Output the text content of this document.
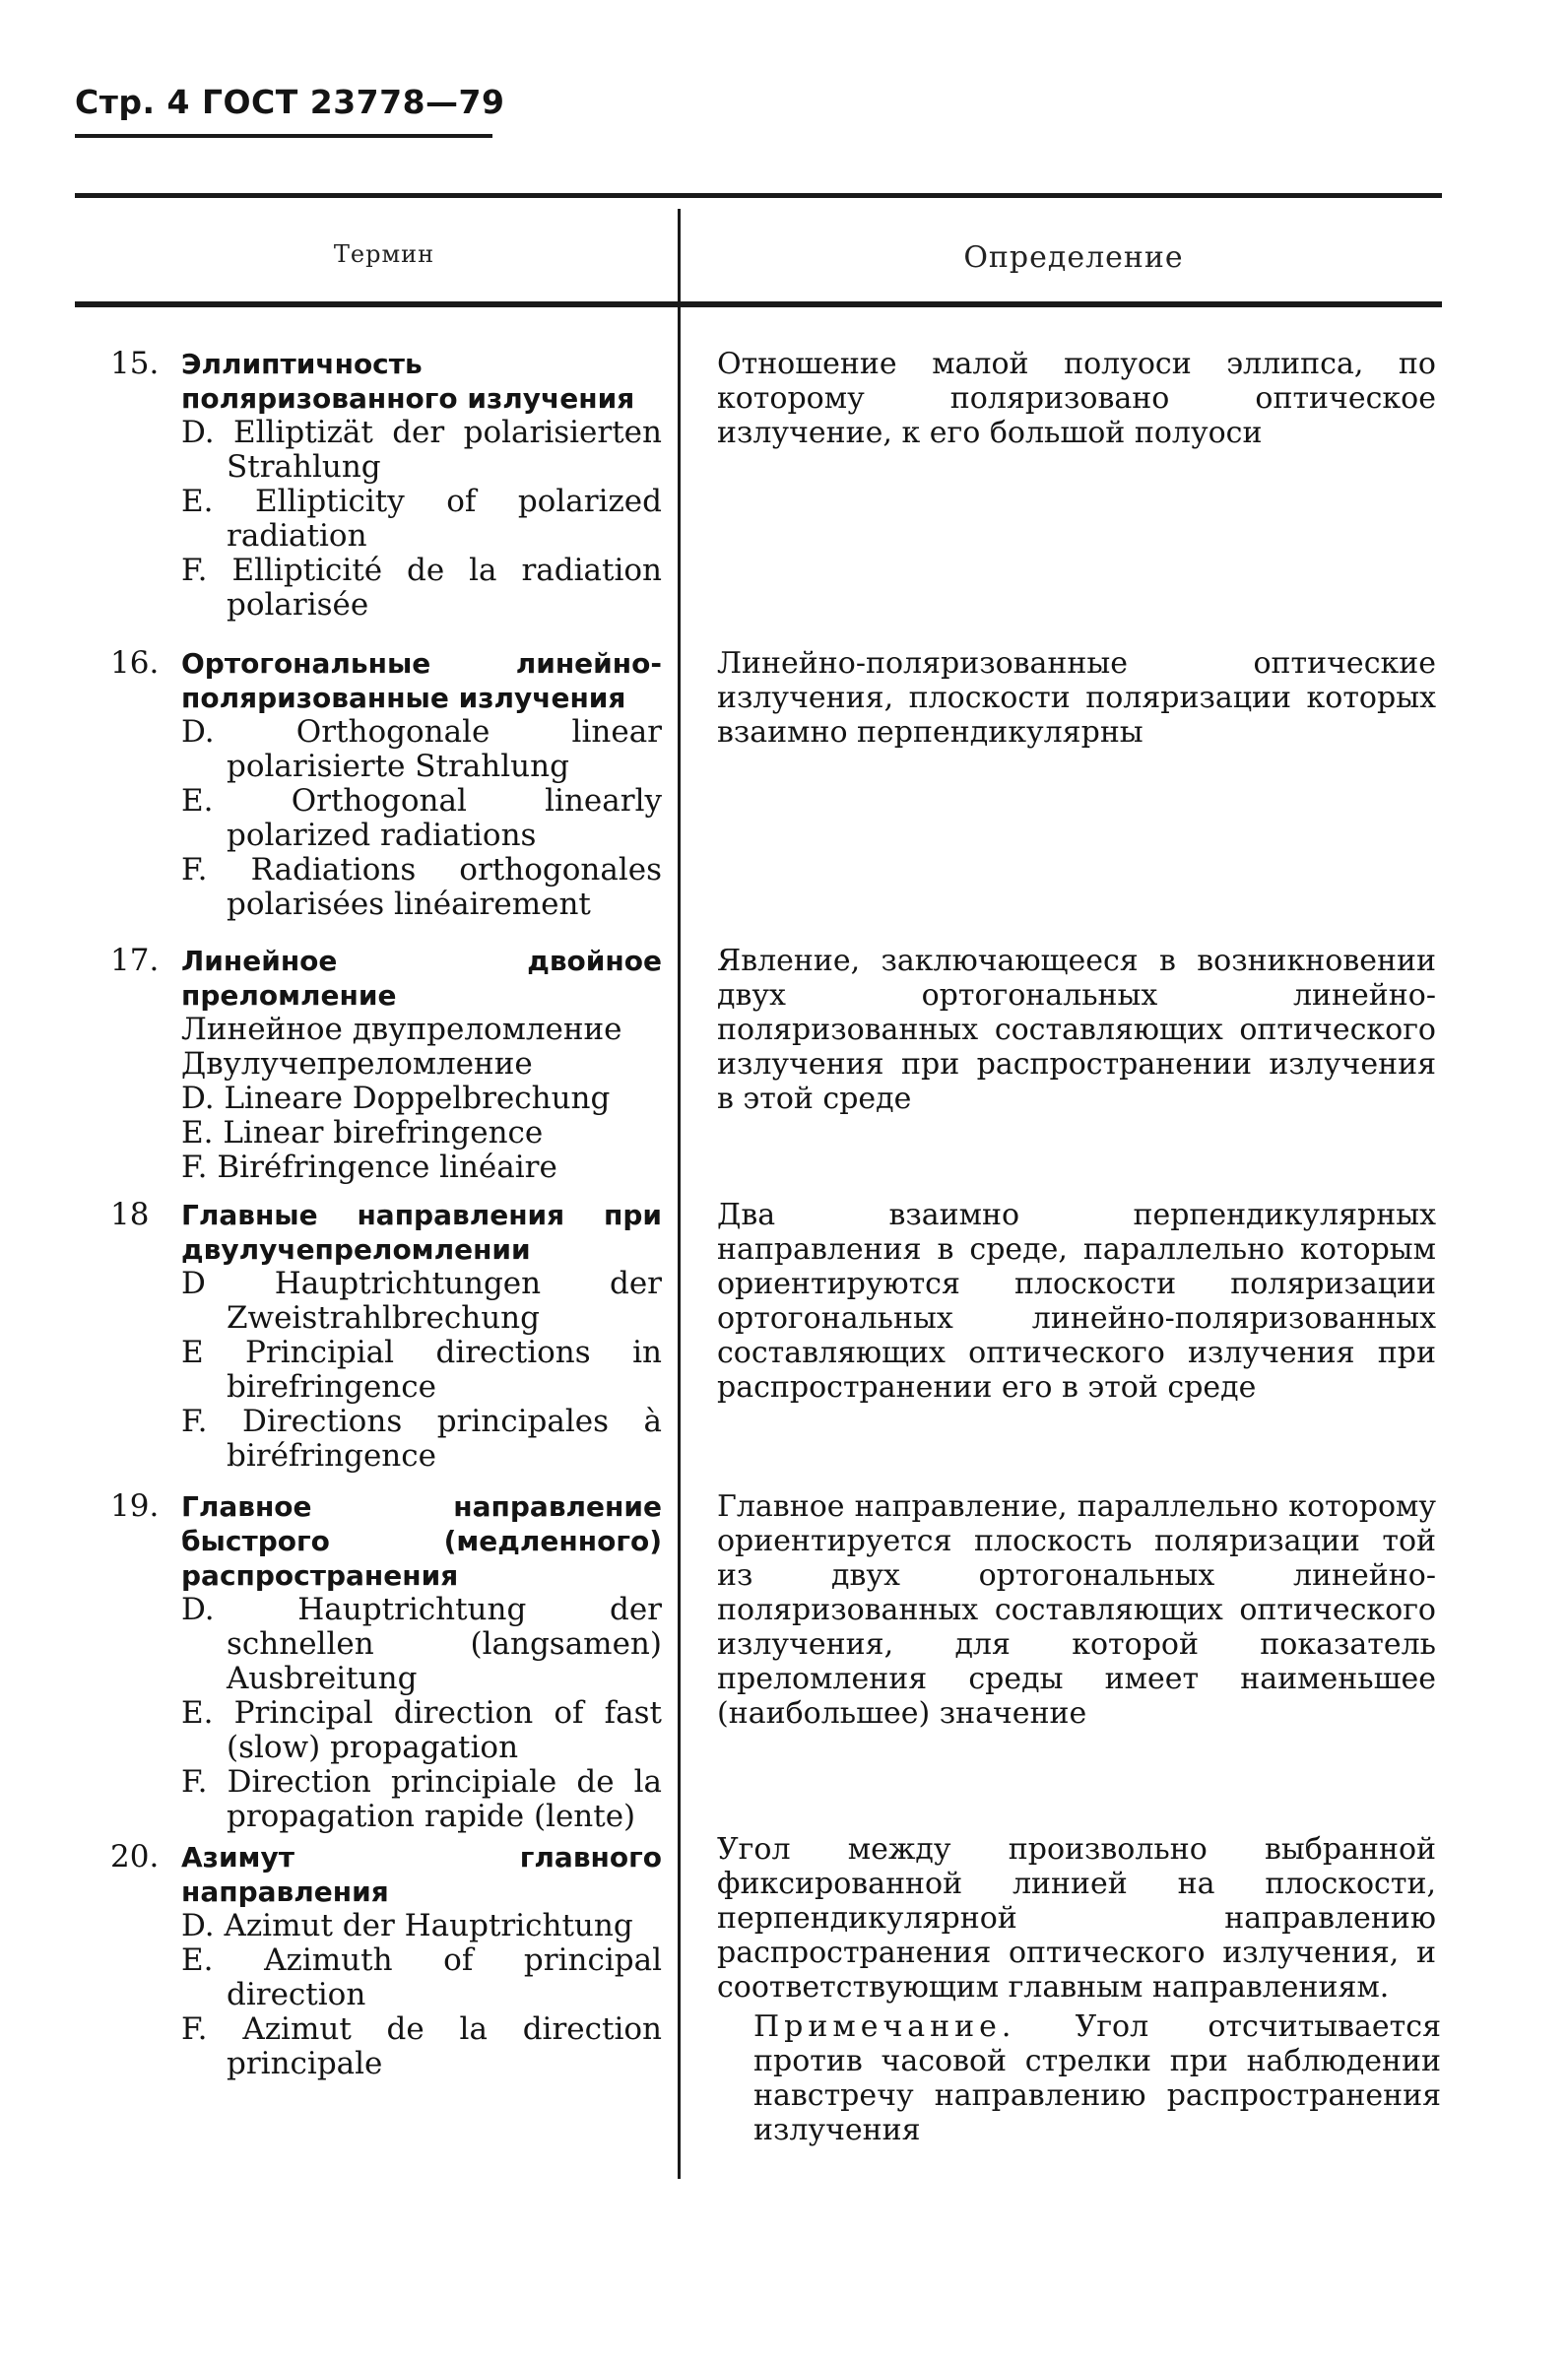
Стр. 4 ГОСТ 23778—79
Термин	Определение
15. Эллиптичность поляризованного излучения
D. Elliptizät der polarisierten Strahlung
E. Ellipticity of polarized radiation
F. Ellipticité de la radiation polarisée
Отношение малой полуоси эллипса, по которому поляризовано оптическое излучение, к его большой полуоси
16. Ортогональные линейно-поляризованные излучения
D. Orthogonale linear polarisierte Strahlung
E. Orthogonal linearly polarized radiations
F. Radiations orthogonales polarisées linéairement
Линейно-поляризованные оптические излучения, плоскости поляризации которых взаимно перпендикулярны
17. Линейное двойное преломление
Линейное двупреломление
Двулучепреломление
D. Lineare Doppelbrechung
E. Linear birefringence
F. Biréfringence linéaire
Явление, заключающееся в возникновении двух ортогональных линейно-поляризованных составляющих оптического излучения при распространении излучения в этой среде
18 Главные направления при двулучепреломлении
D Hauptrichtungen der Zweistrahlbrechung
E Principial directions in birefringence
F. Directions principales à biréfringence
Два взаимно перпендикулярных направления в среде, параллельно которым ориентируются плоскости поляризации ортогональных линейно-поляризованных составляющих оптического излучения при распространении его в этой среде
19. Главное направление быстрого (медленного) распространения
D. Hauptrichtung der schnellen (langsamen) Ausbreitung
E. Principal direction of fast (slow) propagation
F. Direction principiale de la propagation rapide (lente)
Главное направление, параллельно которому ориентируется плоскость поляризации той из двух ортогональных линейно-поляризованных составляющих оптического излучения, для которой показатель преломления среды имеет наименьшее (наибольшее) значение
20. Азимут главного направления
D. Azimut der Hauptrichtung
E. Azimuth of principal direction
F. Azimut de la direction principale
Угол между произвольно выбранной фиксированной линией на плоскости, перпендикулярной направлению распространения оптического излучения, и соответствующим главным направлениям.
Примечание. Угол отсчитывается против часовой стрелки при наблюдении навстречу направлению распространения излучения
